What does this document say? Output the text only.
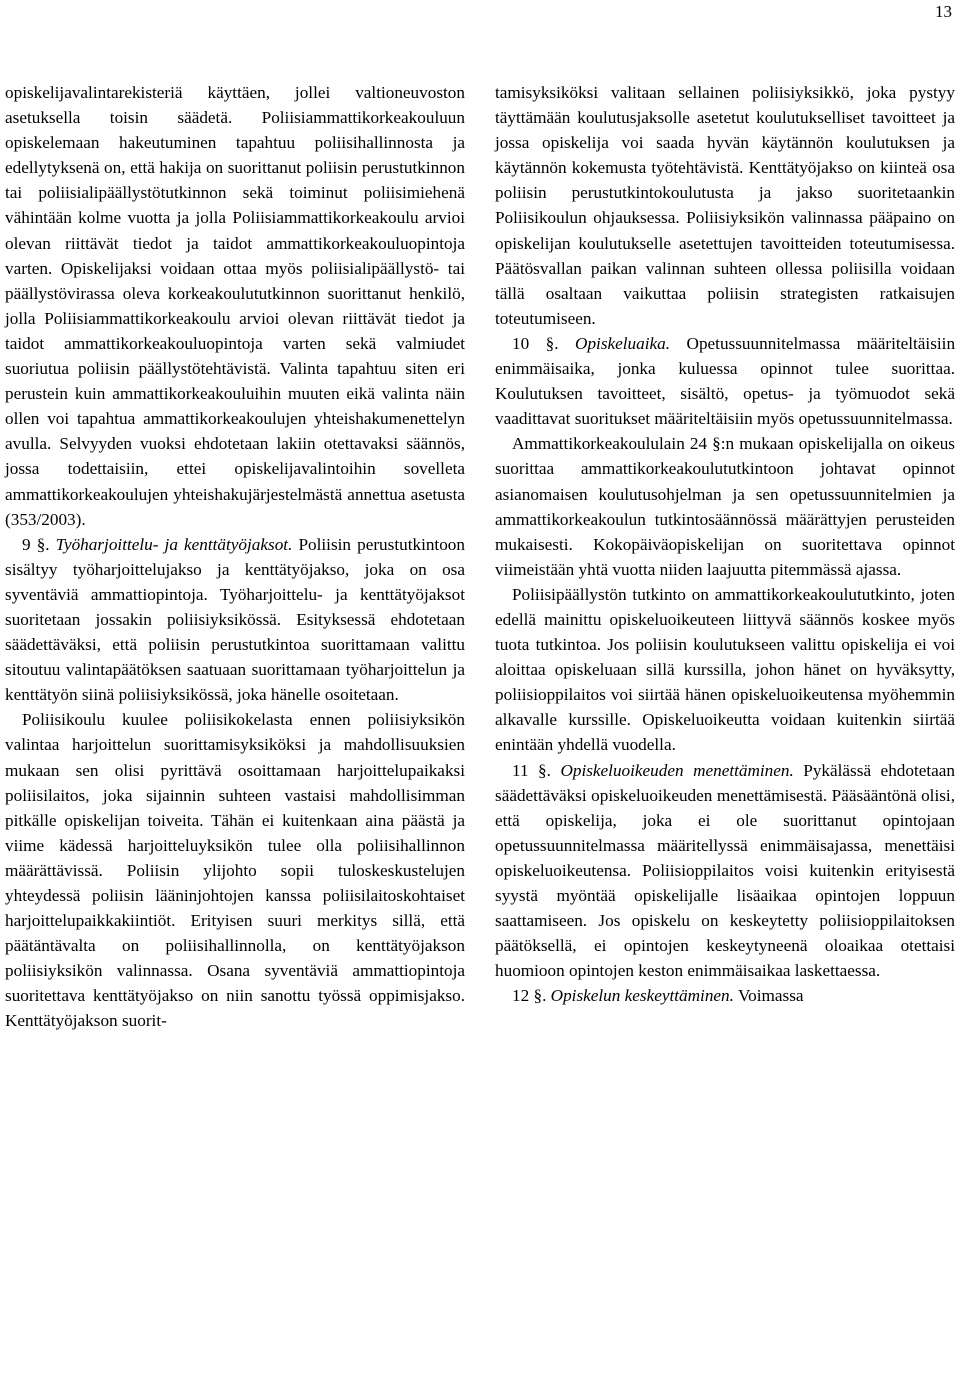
13

opiskelijavalintarekisteriä käyttäen, jollei valtioneuvoston asetuksella toisin säädetä. Poliisiammattikorkeakouluun opiskelemaan hakeutuminen tapahtuu poliisihallinnosta ja edellytyksenä on, että hakija on suorittanut poliisin perustutkinnon tai poliisialipäällystötutkinnon sekä toiminut poliisimiehenä vähintään kolme vuotta ja jolla Poliisiammattikorkeakoulu arvioi olevan riittävät tiedot ja taidot ammattikorkeakouluopintoja varten. Opiskelijaksi voidaan ottaa myös poliisialipäällystö- tai päällystövirassa oleva korkeakoulututkinnon suorittanut henkilö, jolla Poliisiammattikorkeakoulu arvioi olevan riittävät tiedot ja taidot ammattikorkeakouluopintoja varten sekä valmiudet suoriutua poliisin päällystötehtävistä. Valinta tapahtuu siten eri perustein kuin ammattikorkeakouluihin muuten eikä valinta näin ollen voi tapahtua ammattikorkeakoulujen yhteishakumenettelyn avulla. Selvyyden vuoksi ehdotetaan lakiin otettavaksi säännös, jossa todettaisiin, ettei opiskelijavalintoihin sovelleta ammattikorkeakoulujen yhteishakujärjestelmästä annettua asetusta (353/2003).

9 §. Työharjoittelu- ja kenttätyöjaksot. Poliisin perustutkintoon sisältyy työharjoittelujakso ja kenttätyöjakso, joka on osa syventäviä ammattiopintoja. Työharjoittelu- ja kenttätyöjaksot suoritetaan jossakin poliisiyksikössä. Esityksessä ehdotetaan säädettäväksi, että poliisin perustutkintoa suorittamaan valittu sitoutuu valintapäätöksen saatuaan suorittamaan työharjoittelun ja kenttätyön siinä poliisiyksikössä, joka hänelle osoitetaan.

Poliisikoulu kuulee poliisikokelasta ennen poliisiyksikön valintaa harjoittelun suorittamisyksiköksi ja mahdollisuuksien mukaan sen olisi pyrittävä osoittamaan harjoittelupaikaksi poliisilaitos, joka sijainnin suhteen vastaisi mahdollisimman pitkälle opiskelijan toiveita. Tähän ei kuitenkaan aina päästä ja viime kädessä harjoitteluyksikön tulee olla poliisihallinnon määrättävissä. Poliisin ylijohto sopii tuloskeskustelujen yhteydessä poliisin lääninjohtojen kanssa poliisilaitoskohtaiset harjoittelupaikkakiintiöt. Erityisen suuri merkitys sillä, että päätäntävalta on poliisihallinnolla, on kenttätyöjakson poliisiyksikön valinnassa. Osana syventäviä ammattiopintoja suoritettava kenttätyöjakso on niin sanottu työssä oppimisjakso. Kenttätyöjakson suorit-

tamisyksiköksi valitaan sellainen poliisiyksikkö, joka pystyy täyttämään koulutusjaksolle asetetut koulutukselliset tavoitteet ja jossa opiskelija voi saada hyvän käytännön koulutuksen ja käytännön kokemusta työtehtävistä. Kenttätyöjakso on kiinteä osa poliisin perustutkintokoulutusta ja jakso suoritetaankin Poliisikoulun ohjauksessa. Poliisiyksikön valinnassa pääpaino on opiskelijan koulutukselle asetettujen tavoitteiden toteutumisessa. Päätösvallan paikan valinnan suhteen ollessa poliisilla voidaan tällä osaltaan vaikuttaa poliisin strategisten ratkaisujen toteutumiseen.

10 §. Opiskeluaika. Opetussuunnitelmassa määriteltäisiin enimmäisaika, jonka kuluessa opinnot tulee suorittaa. Koulutuksen tavoitteet, sisältö, opetus- ja työmuodot sekä vaadittavat suoritukset määriteltäisiin myös opetussuunnitelmassa.

Ammattikorkeakoululain 24 §:n mukaan opiskelijalla on oikeus suorittaa ammattikorkeakoulututkintoon johtavat opinnot asianomaisen koulutusohjelman ja sen opetussuunnitelmien ja ammattikorkeakoulun tutkintosäännössä määrättyjen perusteiden mukaisesti. Kokopäiväopiskelijan on suoritettava opinnot viimeistään yhtä vuotta niiden laajuutta pitemmässä ajassa.

Poliisipäällystön tutkinto on ammattikorkeakoulututkinto, joten edellä mainittu opiskeluoikeuteen liittyvä säännös koskee myös tuota tutkintoa. Jos poliisin koulutukseen valittu opiskelija ei voi aloittaa opiskeluaan sillä kurssilla, johon hänet on hyväksytty, poliisioppilaitos voi siirtää hänen opiskeluoikeutensa myöhemmin alkavalle kurssille. Opiskeluoikeutta voidaan kuitenkin siirtää enintään yhdellä vuodella.

11 §. Opiskeluoikeuden menettäminen. Pykälässä ehdotetaan säädettäväksi opiskeluoikeuden menettämisestä. Pääsääntönä olisi, että opiskelija, joka ei ole suorittanut opintojaan opetussuunnitelmassa määritellyssä enimmäisajassa, menettäisi opiskeluoikeutensa. Poliisioppilaitos voisi kuitenkin erityisestä syystä myöntää opiskelijalle lisäaikaa opintojen loppuun saattamiseen. Jos opiskelu on keskeytetty poliisioppilaitoksen päätöksellä, ei opintojen keskeytyneenä oloaikaa otettaisi huomioon opintojen keston enimmäisaikaa laskettaessa.

12 §. Opiskelun keskeyttäminen. Voimassa
